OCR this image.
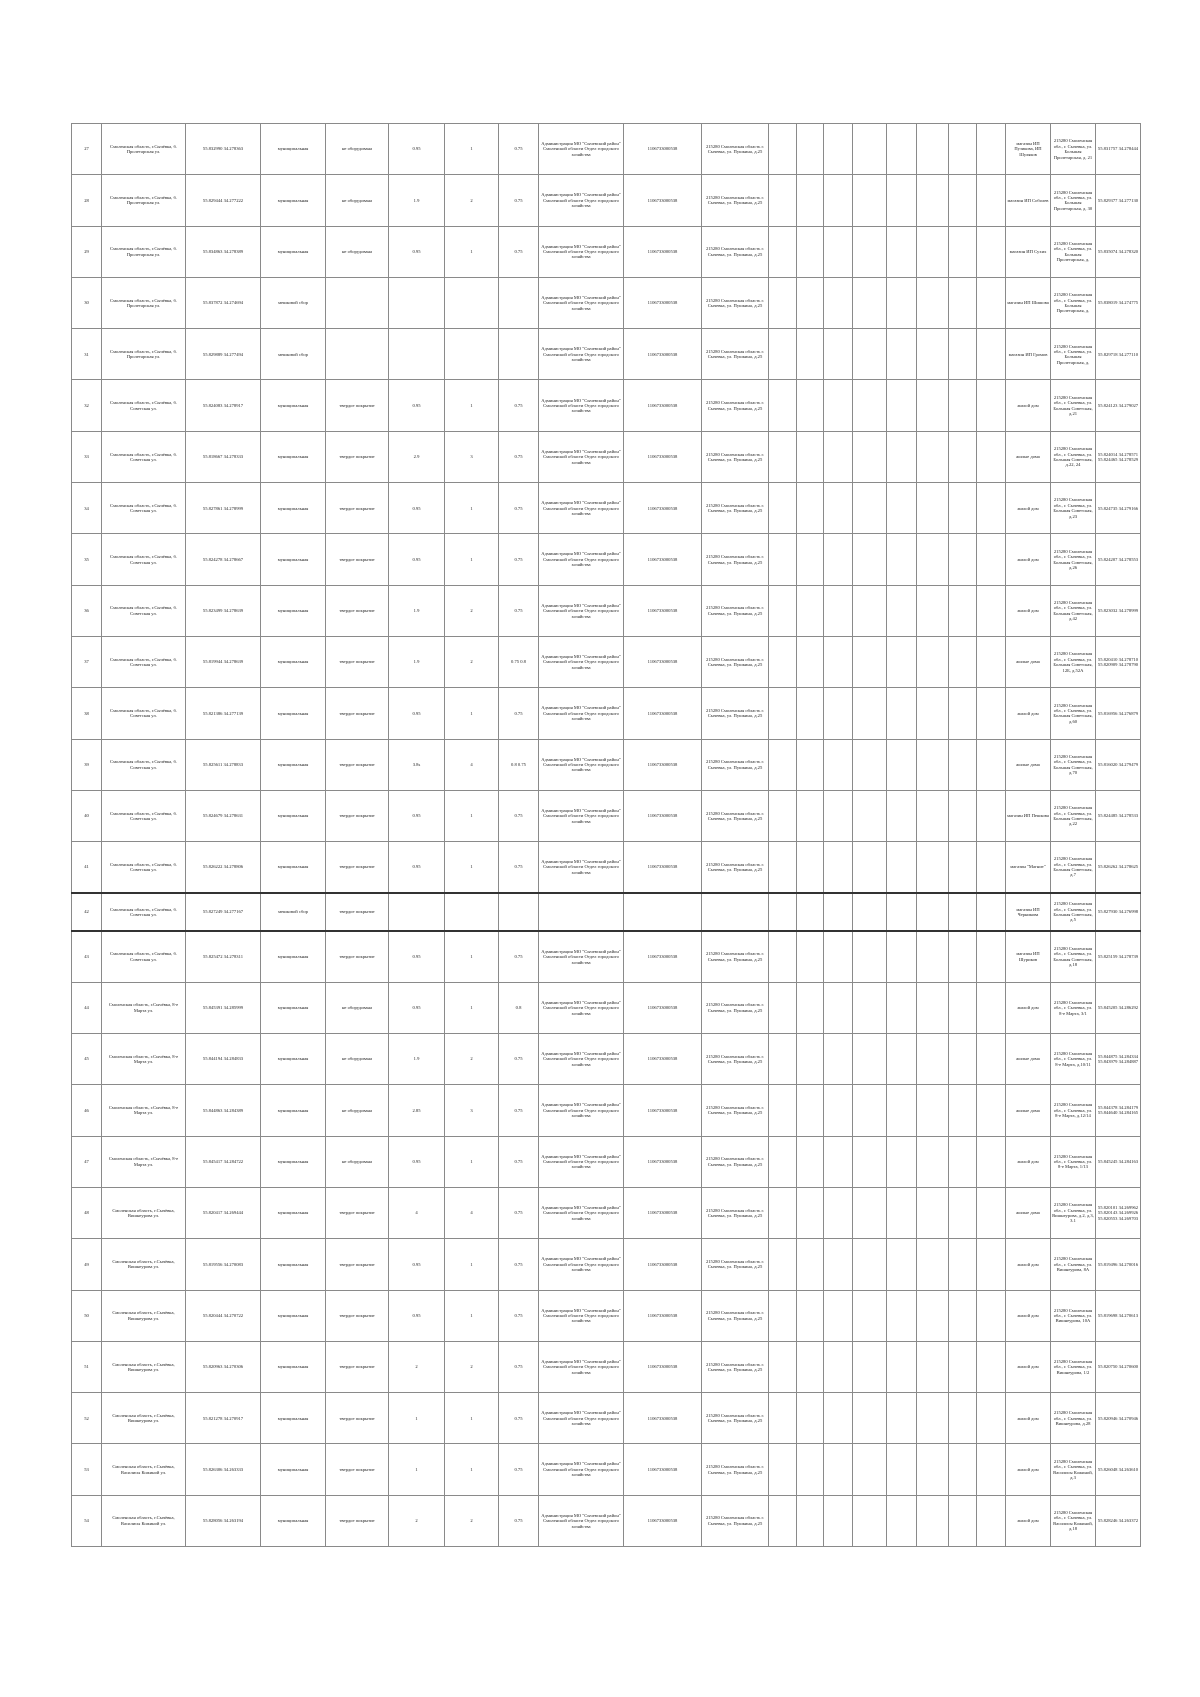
27	Смоленская область, г.Сычёвка, б. Пролетарская ул.	55.832990 34.278363	муниципальная	не оборудована	0.95	1	0.75	Администрация МО "Сычевский район" Смоленской области Отдел городского хозяйства	1106733000538	215280 Смоленская область г. Сычевка, ул. Пушкина, д.25									магазин ИП Пузикова, ИП Шуляков	215280 Смоленская обл., г. Сычевка, ул. Большая Пролетарская, д. 21	55.831757 34.278444
28	Смоленская область, г.Сычёвка, б. Пролетарская ул.	55.829444 34.277222	муниципальная	не оборудована	1.9	2	0.75	Администрация МО "Сычевский район" Смоленской области Отдел городского хозяйства	1106733000538	215280 Смоленская область г. Сычевка, ул. Пушкина, д.25									магазин ИП Соболев	215280 Смоленская обл., г. Сычевка, ул. Большая Пролетарская, д. 30	55.829377 34.277130
29	Смоленская область, г.Сычёвка, б. Пролетарская ул.	55.834863 34.278389	муниципальная	не оборудована	0.95	1	0.75	Администрация МО "Сычевский район" Смоленской области Отдел городского хозяйства	1106733000538	215280 Смоленская область г. Сычевка, ул. Пушкина, д.25									магазин ИП Сухих	215280 Смоленская обл., г. Сычевка, ул. Большая Пролетарская, д.	55.835074 34.278320
30	Смоленская область, г.Сычёвка, б. Пролетарская ул.	55.837872 34.274694	мешковой сбор					Администрация МО "Сычевский район" Смоленской области Отдел городского хозяйства	1106733000538	215280 Смоленская область г. Сычевка, ул. Пушкина, д.25									магазин ИП Шишова	215280 Смоленская обл., г. Сычевка, ул. Большая Пролетарская, д.	55.838019 34.274775
31	Смоленская область, г.Сычёвка, б. Пролетарская ул.	55.829889 34.277494	мешковой сбор					Администрация МО "Сычевский район" Смоленской области Отдел городского хозяйства	1106733000538	215280 Смоленская область г. Сычевка, ул. Пушкина, д.25									магазин ИП Громов	215280 Смоленская обл., г. Сычевка, ул. Большая Пролетарская, д.	55.829718 34.277110
32	Смоленская область, г.Сычёвка, б. Советская ул.	55.824083 34.278917	муниципальная	твердое покрытие	0.95	1	0.75	Администрация МО "Сычевский район" Смоленской области Отдел городского хозяйства	1106733000538	215280 Смоленская область г. Сычевка, ул. Пушкина, д.25									жилой дом	215280 Смоленская обл., г. Сычевка, ул. Большая Советская, д.21	55.824123 34.279027
33	Смоленская область, г.Сычёвка, б. Советская ул.	55.818667 34.278333	муниципальная	твердое покрытие	2.9	3	0.75	Администрация МО "Сычевский район" Смоленской области Отдел городского хозяйства	1106733000538	215280 Смоленская область г. Сычевка, ул. Пушкина, д.25									жилые дома	215280 Смоленская обл., г. Сычевка, ул. Большая Советская, д.22, 24	55.824014 34.278571 55.824465 34.278529
34	Смоленская область, г.Сычёвка, б. Советская ул.	55.827861 34.278999	муниципальная	твердое покрытие	0.95	1	0.75	Администрация МО "Сычевский район" Смоленской области Отдел городского хозяйства	1106733000538	215280 Смоленская область г. Сычевка, ул. Пушкина, д.25									жилой дом	215280 Смоленская обл., г. Сычевка, ул. Большая Советская, д.23	55.824735 34.279166
35	Смоленская область, г.Сычёвка, б. Советская ул.	55.824278 34.278667	муниципальная	твердое покрытие	0.95	1	0.75	Администрация МО "Сычевский район" Смоленской области Отдел городского хозяйства	1106733000538	215280 Смоленская область г. Сычевка, ул. Пушкина, д.25									жилой дом	215280 Смоленская обл., г. Сычевка, ул. Большая Советская, д.26	55.824207 34.278553
36	Смоленская область, г.Сычёвка, б. Советская ул.	55.823499 34.278639	муниципальная	твердое покрытие	1.9	2	0.75	Администрация МО "Сычевский район" Смоленской области Отдел городского хозяйства	1106733000538	215280 Смоленская область г. Сычевка, ул. Пушкина, д.25									жилой дом	215280 Смоленская обл., г. Сычевка, ул. Большая Советская, д.42	55.823032 34.278999
37	Смоленская область, г.Сычёвка, б. Советская ул.	55.819944 34.278639	муниципальная	твердое покрытие	1.9	2	0.75 0.8	Администрация МО "Сычевский район" Смоленской области Отдел городского хозяйства	1106733000538	215280 Смоленская область г. Сычевка, ул. Пушкина, д.25									жилые дома	215280 Смоленская обл., г. Сычевка, ул. Большая Советская, 12Б, д.52А	55.820410 34.278710 55.820909 34.278790
38	Смоленская область, г.Сычёвка, б. Советская ул.	55.821386 34.277139	муниципальная	твердое покрытие	0.95	1	0.75	Администрация МО "Сычевский район" Смоленской области Отдел городского хозяйства	1106733000538	215280 Смоленская область г. Сычевка, ул. Пушкина, д.25									жилой дом	215280 Смоленская обл., г. Сычевка, ул. Большая Советская, д.60	55.816956 34.276879
39	Смоленская область, г.Сычёвка, б. Советская ул.	55.825611 34.278833	муниципальная	твердое покрытие	3.8s	4	0.8 0.75	Администрация МО "Сычевский район" Смоленской области Отдел городского хозяйства	1106733000538	215280 Смоленская область г. Сычевка, ул. Пушкина, д.25									жилые дома	215280 Смоленская обл., г. Сычевка, ул. Большая Советская, д.70	55.816020 34.279479
40	Смоленская область, г.Сычёвка, б. Советская ул.	55.824679 34.278631	муниципальная	твердое покрытие	0.95	1	0.75	Администрация МО "Сычевский район" Смоленской области Отдел городского хозяйства	1106733000538	215280 Смоленская область г. Сычевка, ул. Пушкина, д.25									магазин ИП Пешкова	215280 Смоленская обл., г. Сычевка, ул. Большая Советская, д.22	55.824485 34.278533
41	Смоленская область, г.Сычёвка, б. Советская ул.	55.826222 34.278806	муниципальная	твердое покрытие	0.95	1	0.75	Администрация МО "Сычевский район" Смоленской области Отдел городского хозяйства	1106733000538	215280 Смоленская область г. Сычевка, ул. Пушкина, д.25									магазин "Магнит"	215280 Смоленская обл., г. Сычевка, ул. Большая Советская, д.7	55.826262 34.278625
42	Смоленская область, г.Сычёвка, б. Советская ул.	55.827249 34.277167	мешковой сбор	твердое покрытие															магазин ИП Черникова	215280 Смоленская обл., г. Сычевка, ул. Большая Советская, д.5	55.827930 34.276998
43	Смоленская область, г.Сычёвка, б. Советская ул.	55.825472 34.278311	муниципальная	твердое покрытие	0.95	1	0.75	Администрация МО "Сычевский район" Смоленской области Отдел городского хозяйства	1106733000538	215280 Смоленская область г. Сычевка, ул. Пушкина, д.25									магазин ИП Шуриков	215280 Смоленская обл., г. Сычевка, ул. Большая Советская, д.18	55.825159 34.278739
44	Смоленская область, г.Сычёвка, 8-е Марта ул.	55.845391 34.285999	муниципальная	не оборудована	0.95	1	0.8	Администрация МО "Сычевский район" Смоленской области Отдел городского хозяйства	1106733000538	215280 Смоленская область г. Сычевка, ул. Пушкина, д.25									жилой дом	215280 Смоленская обл., г. Сычевка, ул. 8-е Марта, 3/1	55.845205 34.286292
45	Смоленская область, г.Сычёвка, 8-е Марта ул.	55.844194 34.284833	муниципальная	не оборудована	1.9	2	0.75	Администрация МО "Сычевский район" Смоленской области Отдел городского хозяйства	1106733000538	215280 Смоленская область г. Сычевка, ул. Пушкина, д.25									жилые дома	215280 Смоленская обл., г. Сычевка, ул. 8-е Марта, д.10/11	55.844875 34.284334 55.843979 34.284887
46	Смоленская область, г.Сычёвка, 8-е Марта ул.	55.844863 34.284389	муниципальная	не оборудована	2.85	3	0.75	Администрация МО "Сычевский район" Смоленской области Отдел городского хозяйства	1106733000538	215280 Смоленская область г. Сычевка, ул. Пушкина, д.25									жилые дома	215280 Смоленская обл., г. Сычевка, ул. 8-е Марта, д.12/14	55.844378 34.284179 55.844640 34.284165
47	Смоленская область, г.Сычёвка, 8-е Марта ул.	55.845417 34.284722	муниципальная	не оборудована	0.95	1	0.75	Администрация МО "Сычевский район" Смоленской области Отдел городского хозяйства	1106733000538	215280 Смоленская область г. Сычевка, ул. Пушкина, д.25									жилой дом	215280 Смоленская обл., г. Сычевка, ул. 8-е Марта, 1/13	55.845245 34.284163
48	Смоленская область, г.Сычёвка, Вишнеурова ул.	55.820417 34.269444	муниципальная	твердое покрытие	4	4	0.75	Администрация МО "Сычевский район" Смоленской области Отдел городского хозяйства	1106733000538	215280 Смоленская область г. Сычевка, ул. Пушкина, д.25									жилые дома	215280 Смоленская обл., г. Сычевка, ул. Вишнеурова, д.2, д.3, 3.1	55.820101 34.269962 55.820143 34.269926 55.820553 34.269703
49	Смоленская область, г.Сычёвка, Вишнеурова ул.	55.819556 34.270083	муниципальная	твердое покрытие	0.95	1	0.75	Администрация МО "Сычевский район" Смоленской области Отдел городского хозяйства	1106733000538	215280 Смоленская область г. Сычевка, ул. Пушкина, д.25									жилой дом	215280 Смоленская обл., г. Сычевка, ул. Вишнеурова, 8А	55.819496 34.270016
50	Смоленская область, г.Сычёвка, Вишнеурова ул.	55.820444 34.270722	муниципальная	твердое покрытие	0.95	1	0.75	Администрация МО "Сычевский район" Смоленской области Отдел городского хозяйства	1106733000538	215280 Смоленская область г. Сычевка, ул. Пушкина, д.25									жилой дом	215280 Смоленская обл., г. Сычевка, ул. Вишнеурова, 10А	55.819698 34.270613
51	Смоленская область, г.Сычёвка, Вишнеурова ул.	55.820963 34.270306	муниципальная	твердое покрытие	2	2	0.75	Администрация МО "Сычевский район" Смоленской области Отдел городского хозяйства	1106733000538	215280 Смоленская область г. Сычевка, ул. Пушкина, д.25									жилой дом	215280 Смоленская обл., г. Сычевка, ул. Вишнеурова, 1/2	55.820750 34.270600
52	Смоленская область, г.Сычёвка, Вишнеурова ул.	55.821278 34.270917	муниципальная	твердое покрытие	1	1	0.75	Администрация МО "Сычевский район" Смоленской области Отдел городского хозяйства	1106733000538	215280 Смоленская область г. Сычевка, ул. Пушкина, д.25									жилой дом	215280 Смоленская обл., г. Сычевка, ул. Вишнеурова, д.28	55.820946 34.270946
53	Смоленская область, г.Сычёвка, Василисы Кожиной ул.	55.826306 34.263333	муниципальная	твердое покрытие	1	1	0.75	Администрация МО "Сычевский район" Смоленской области Отдел городского хозяйства	1106733000538	215280 Смоленская область г. Сычевка, ул. Пушкина, д.25									жилой дом	215280 Смоленская обл., г. Сычевка, ул. Василисы Кожиной, д.3	55.826048 34.263610
54	Смоленская область, г.Сычёвка, Василисы Кожиной ул.	55.828056 34.263194	муниципальная	твердое покрытие	2	2	0.75	Администрация МО "Сычевский район" Смоленской области Отдел городского хозяйства	1106733000538	215280 Смоленская область г. Сычевка, ул. Пушкина, д.25									жилой дом	215280 Смоленская обл., г. Сычевка, ул. Василисы Кожиной, д.18	55.828246 34.263372
